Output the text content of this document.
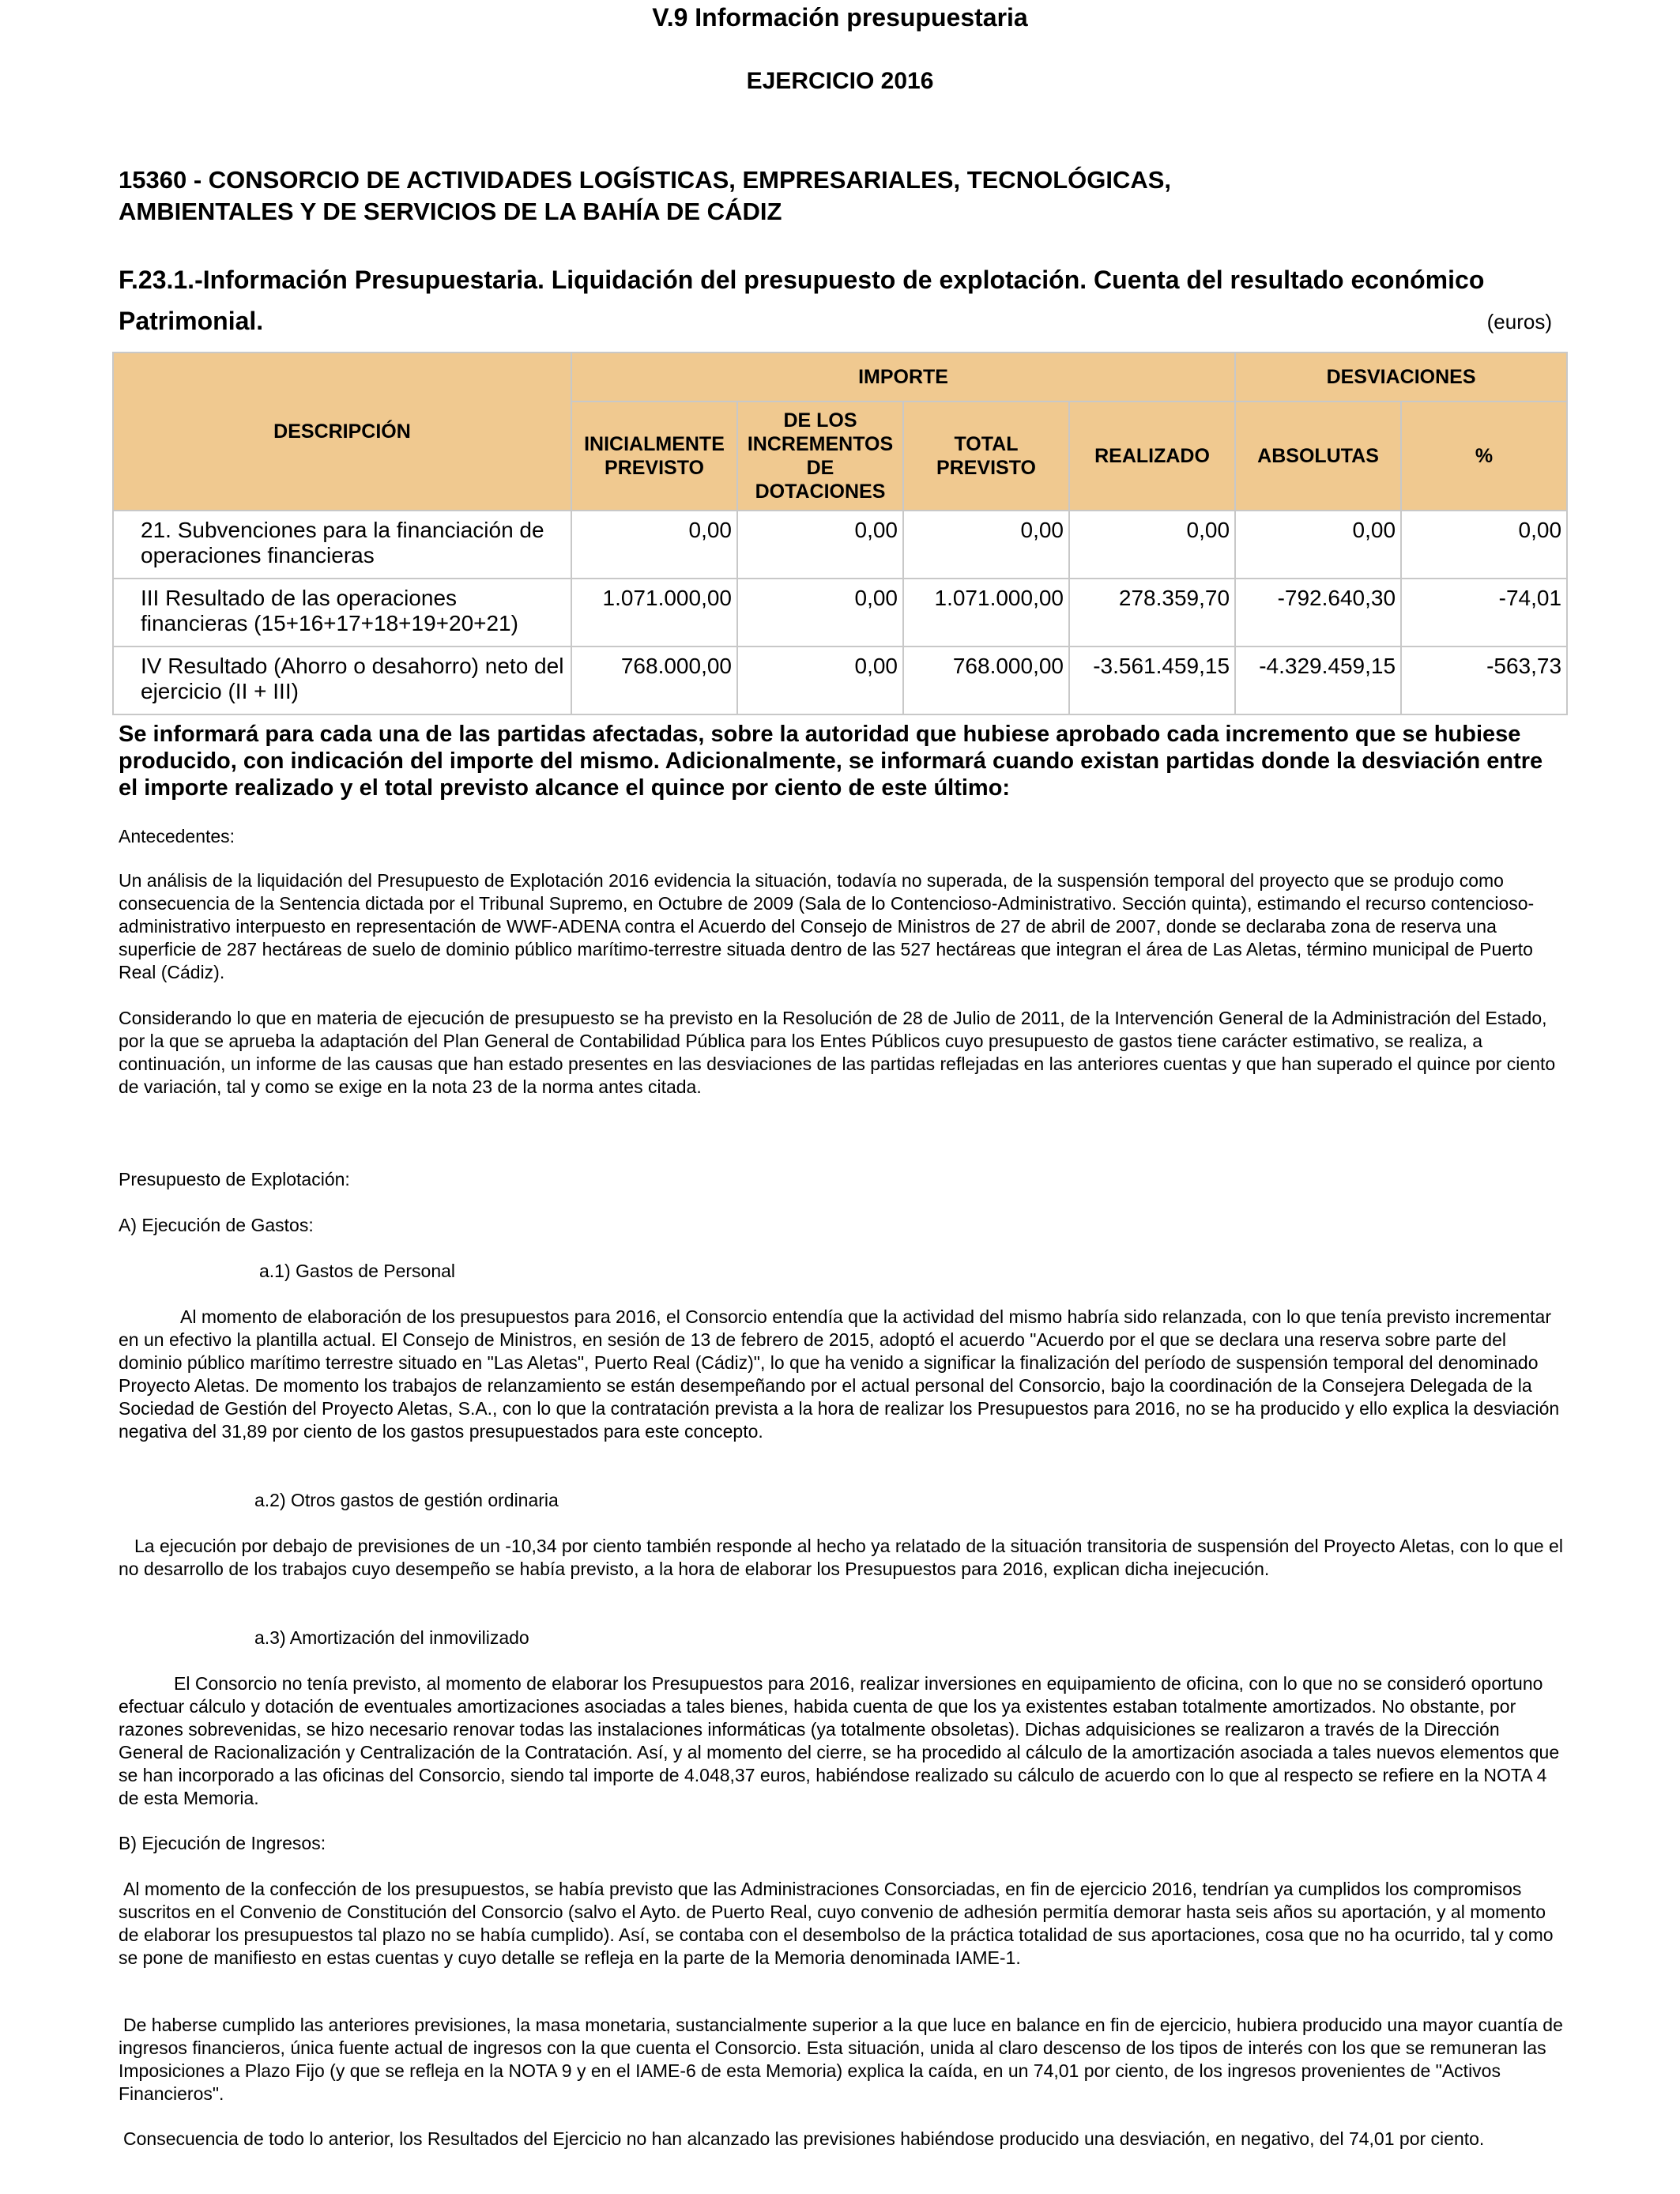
V.9 Información presupuestaria
EJERCICIO 2016
15360 - CONSORCIO DE ACTIVIDADES LOGÍSTICAS, EMPRESARIALES, TECNOLÓGICAS,
AMBIENTALES Y DE SERVICIOS DE LA BAHÍA DE CÁDIZ
F.23.1.-Información Presupuestaria. Liquidación del presupuesto de explotación. Cuenta del resultado económico Patrimonial.	(euros)
DESCRIPCIÓN	IMPORTE				DESVIACIONES	
	INICIALMENTE PREVISTO	DE LOS INCREMENTOS DE DOTACIONES	TOTAL PREVISTO	REALIZADO	ABSOLUTAS	%
21. Subvenciones para la financiación de operaciones financieras	0,00	0,00	0,00	0,00	0,00	0,00
III Resultado de las operaciones financieras (15+16+17+18+19+20+21)	1.071.000,00	0,00	1.071.000,00	278.359,70	-792.640,30	-74,01
IV Resultado (Ahorro o desahorro) neto del ejercicio (II + III)	768.000,00	0,00	768.000,00	-3.561.459,15	-4.329.459,15	-563,73
Se informará para cada una de las partidas afectadas, sobre la autoridad que hubiese aprobado cada incremento que se hubiese producido, con indicación del importe del mismo. Adicionalmente, se informará cuando existan partidas donde la desviación entre el importe realizado y el total previsto alcance el quince por ciento de este último:
Antecedentes:
Un análisis de la liquidación del Presupuesto de Explotación 2016 evidencia la situación, todavía no superada, de la suspensión temporal del proyecto que se produjo como consecuencia de la Sentencia dictada por el Tribunal Supremo, en Octubre de 2009 (Sala de lo Contencioso-Administrativo. Sección quinta), estimando el recurso contencioso-administrativo interpuesto en representación de WWF-ADENA contra el Acuerdo del Consejo de Ministros de 27 de abril de 2007, donde se declaraba zona de reserva una superficie de 287 hectáreas de suelo de dominio público marítimo-terrestre situada dentro de las 527 hectáreas que integran el área de Las Aletas, término municipal de Puerto Real (Cádiz).
Considerando lo que en materia de ejecución de presupuesto se ha previsto en la Resolución de 28 de Julio de 2011, de la Intervención General de la Administración del Estado, por la que se aprueba la adaptación del Plan General de Contabilidad Pública para los Entes Públicos cuyo presupuesto de gastos tiene carácter estimativo, se realiza, a continuación, un informe de las causas que han estado presentes en las desviaciones de las partidas reflejadas en las anteriores cuentas y que han superado el quince por ciento de variación, tal y como se exige en la nota 23 de la norma antes citada.
Presupuesto de Explotación:
A) Ejecución de Gastos:
a.1) Gastos de Personal
Al momento de elaboración de los presupuestos para 2016, el Consorcio entendía que la actividad del mismo habría sido relanzada, con lo que tenía previsto incrementar en un efectivo la plantilla actual. El Consejo de Ministros, en sesión de 13 de febrero de 2015, adoptó el acuerdo "Acuerdo por el que se declara una reserva sobre parte del dominio público marítimo terrestre situado en "Las Aletas", Puerto Real (Cádiz)", lo que ha venido a significar la finalización del período de suspensión temporal del denominado Proyecto Aletas. De momento los trabajos de relanzamiento se están desempeñando por el actual personal del Consorcio, bajo la coordinación de la Consejera Delegada de la Sociedad de Gestión del Proyecto Aletas, S.A., con lo que la contratación prevista a la hora de realizar los Presupuestos para 2016, no se ha producido y ello explica la desviación negativa del 31,89 por ciento de los gastos presupuestados para este concepto.
a.2) Otros gastos de gestión ordinaria
La ejecución por debajo de previsiones de un -10,34 por ciento también responde al hecho ya relatado de la situación transitoria de suspensión del Proyecto Aletas, con lo que el no desarrollo de los trabajos cuyo desempeño se había previsto, a la hora de elaborar los Presupuestos para 2016, explican dicha inejecución.
a.3) Amortización del inmovilizado
El Consorcio no tenía previsto, al momento de elaborar los Presupuestos para 2016, realizar inversiones en equipamiento de oficina, con lo que no se consideró oportuno efectuar cálculo y dotación de eventuales amortizaciones asociadas a tales bienes, habida cuenta de que los ya existentes estaban totalmente amortizados. No obstante, por razones sobrevenidas, se hizo necesario renovar todas las instalaciones informáticas (ya totalmente obsoletas). Dichas adquisiciones se realizaron a través de la Dirección General de Racionalización y Centralización de la Contratación. Así, y al momento del cierre, se ha procedido al cálculo de la amortización asociada a tales nuevos elementos que se han incorporado a las oficinas del Consorcio, siendo tal importe de 4.048,37 euros, habiéndose realizado su cálculo de acuerdo con lo que al respecto se refiere en la NOTA 4 de esta Memoria.
B) Ejecución de Ingresos:
Al momento de la confección de los presupuestos, se había previsto que las Administraciones Consorciadas, en fin de ejercicio 2016, tendrían ya cumplidos los compromisos suscritos en el Convenio de Constitución del Consorcio (salvo el Ayto. de Puerto Real, cuyo convenio de adhesión permitía demorar hasta seis años su aportación, y al momento de elaborar los presupuestos tal plazo no se había cumplido). Así, se contaba con el desembolso de la práctica totalidad de sus aportaciones, cosa que no ha ocurrido, tal y como se pone de manifiesto en estas cuentas y cuyo detalle se refleja en la parte de la Memoria denominada IAME-1.
De haberse cumplido las anteriores previsiones, la masa monetaria, sustancialmente superior a la que luce en balance en fin de ejercicio, hubiera producido una mayor cuantía de ingresos financieros, única fuente actual de ingresos con la que cuenta el Consorcio. Esta situación, unida al claro descenso de los tipos de interés con los que se remuneran las Imposiciones a Plazo Fijo (y que se refleja en la NOTA 9 y en el IAME-6 de esta Memoria) explica la caída, en un 74,01 por ciento, de los ingresos provenientes de "Activos Financieros".
Consecuencia de todo lo anterior, los Resultados del Ejercicio no han alcanzado las previsiones habiéndose producido una desviación, en negativo, del 74,01 por ciento.
